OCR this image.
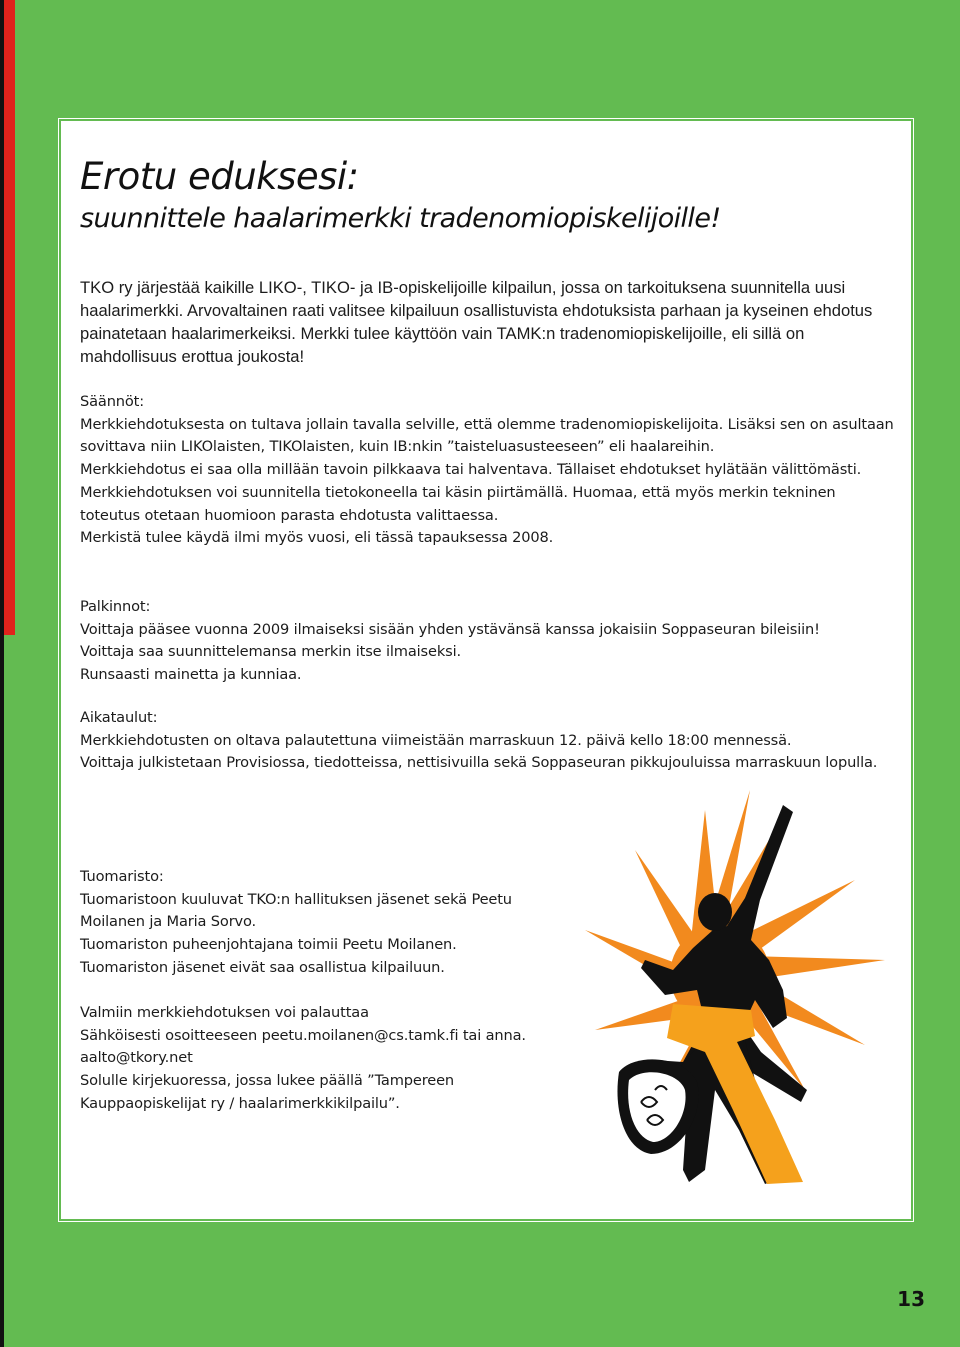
Erotu eduksesi:
suunnittele haalarimerkki tradenomiopiskelijoille!

TKO ry järjestää kaikille LIKO-, TIKO- ja IB-opiskelijoille kilpailun, jossa on tarkoituksena suunnitella uusi haalarimerkki. Arvovaltainen raati valitsee kilpailuun osallistuvista ehdotuksista parhaan ja kyseinen ehdotus painatetaan haalarimerkeiksi. Merkki tulee käyttöön vain TAMK:n tradenomiopiskelijoille, eli sillä on mahdollisuus erottua joukosta!

Säännöt:

Merkkiehdotuksesta on tultava jollain tavalla selville, että olemme tradenomiopiskelijoita. Lisäksi sen on asultaan sovittava niin LIKOlaisten, TIKOlaisten, kuin IB:nkin ”taisteluasusteeseen” eli haalareihin.

Merkkiehdotus ei saa olla millään tavoin pilkkaava tai halventava. Tällaiset ehdotukset hylätään välittömästi.

Merkkiehdotuksen voi suunnitella tietokoneella tai käsin piirtämällä. Huomaa, että myös merkin tekninen toteutus otetaan huomioon parasta ehdotusta valittaessa.

Merkistä tulee käydä ilmi myös vuosi, eli tässä tapauksessa 2008.

Palkinnot:

Voittaja pääsee vuonna 2009 ilmaiseksi sisään yhden ystävänsä kanssa jokaisiin Soppaseuran bileisiin!

Voittaja saa suunnittelemansa merkin itse ilmaiseksi.

Runsaasti mainetta ja kunniaa.

Aikataulut:

Merkkiehdotusten on oltava palautettuna viimeistään marraskuun 12. päivä kello 18:00 mennessä.

Voittaja julkistetaan Provisiossa, tiedotteissa, nettisivuilla sekä Soppaseuran pikkujouluissa marraskuun lopulla.

Tuomaristo:

Tuomaristoon kuuluvat TKO:n hallituksen jäsenet sekä Peetu Moilanen ja Maria Sorvo.

Tuomariston puheenjohtajana toimii Peetu Moilanen.

Tuomariston jäsenet eivät saa osallistua kilpailuun.

Valmiin merkkiehdotuksen voi palauttaa

Sähköisesti osoitteeseen peetu.moilanen@cs.tamk.fi tai anna. aalto@tkory.net

Solulle kirjekuoressa, jossa lukee päällä ”Tampereen Kauppaopiskelijat ry / haalarimerkkikilpailu”.

13
